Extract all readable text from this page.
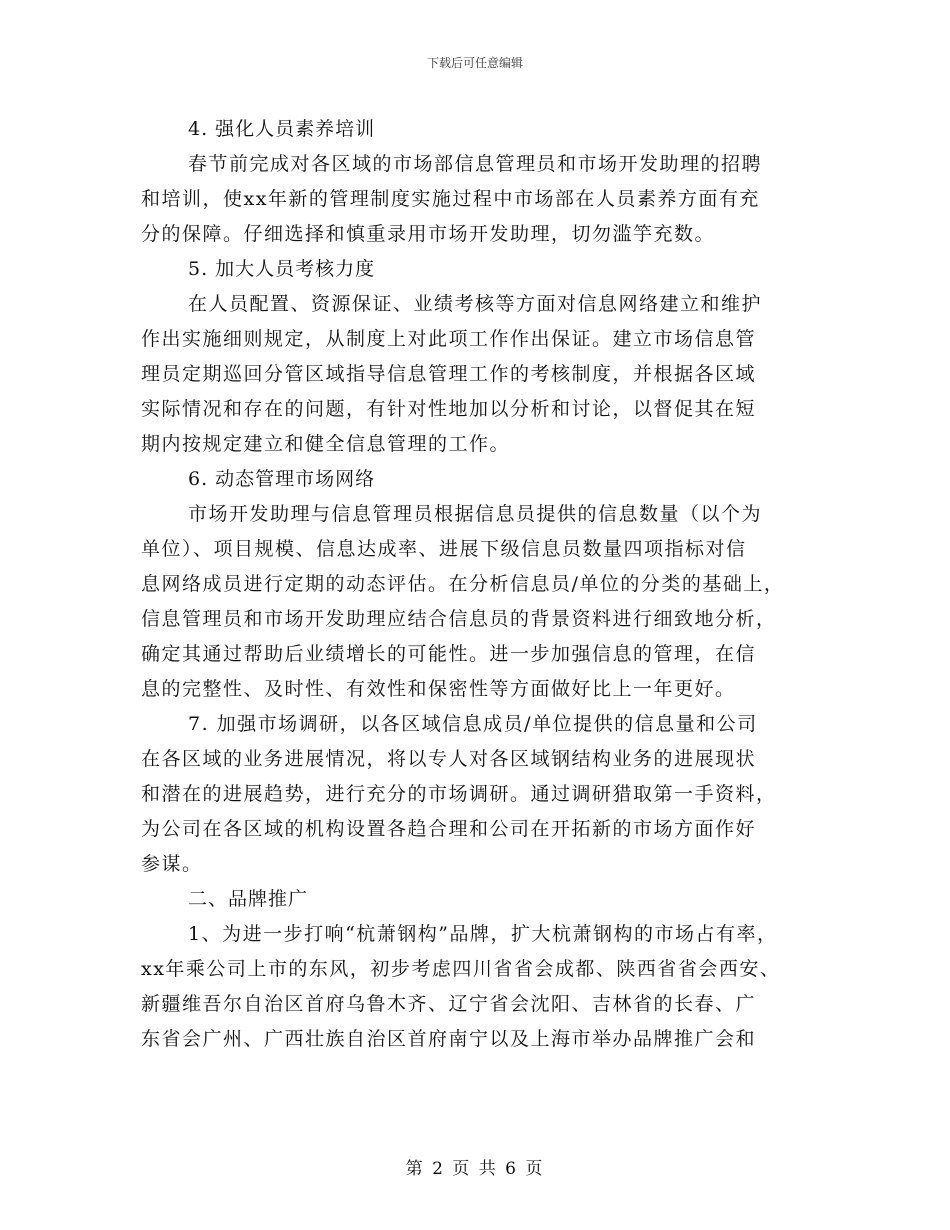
下载后可任意编辑

4. 强化人员素养培训

春节前完成对各区域的市场部信息管理员和市场开发助理的招聘
和培训，使xx年新的管理制度实施过程中市场部在人员素养方面有充
分的保障。仔细选择和慎重录用市场开发助理，切勿滥竽充数。

5. 加大人员考核力度

在人员配置、资源保证、业绩考核等方面对信息网络建立和维护
作出实施细则规定，从制度上对此项工作作出保证。建立市场信息管
理员定期巡回分管区域指导信息管理工作的考核制度，并根据各区域
实际情况和存在的问题，有针对性地加以分析和讨论，以督促其在短
期内按规定建立和健全信息管理的工作。

6. 动态管理市场网络

市场开发助理与信息管理员根据信息员提供的信息数量（以个为
单位）、项目规模、信息达成率、进展下级信息员数量四项指标对信
息网络成员进行定期的动态评估。在分析信息员/单位的分类的基础上，
信息管理员和市场开发助理应结合信息员的背景资料进行细致地分析，
确定其通过帮助后业绩增长的可能性。进一步加强信息的管理，在信
息的完整性、及时性、有效性和保密性等方面做好比上一年更好。

7. 加强市场调研，以各区域信息成员/单位提供的信息量和公司
在各区域的业务进展情况，将以专人对各区域钢结构业务的进展现状
和潜在的进展趋势，进行充分的市场调研。通过调研猎取第一手资料，
为公司在各区域的机构设置各趋合理和公司在开拓新的市场方面作好
参谋。

二、品牌推广

1、为进一步打响“杭萧钢构”品牌，扩大杭萧钢构的市场占有率，
xx年乘公司上市的东风，初步考虑四川省省会成都、陕西省省会西安、
新疆维吾尔自治区首府乌鲁木齐、辽宁省会沈阳、吉林省的长春、广
东省会广州、广西壮族自治区首府南宁以及上海市举办品牌推广会和

第 2 页 共 6 页
